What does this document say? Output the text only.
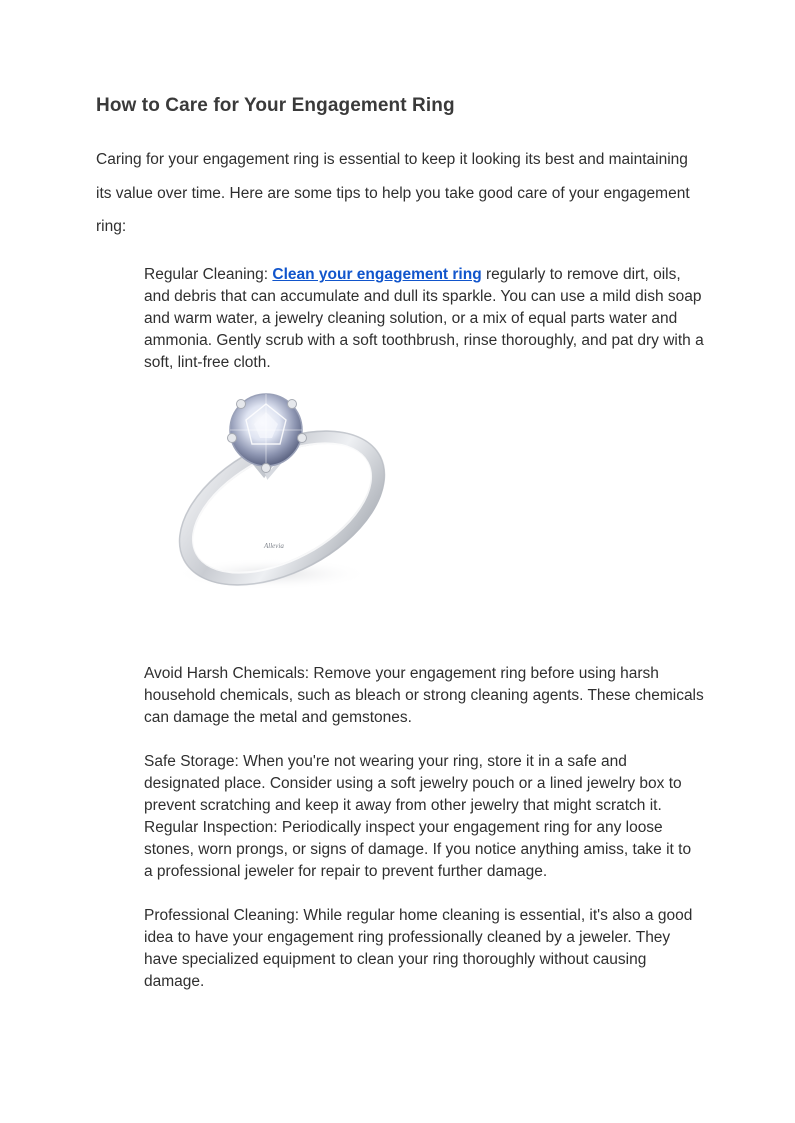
How to Care for Your Engagement Ring

Caring for your engagement ring is essential to keep it looking its best and maintaining its value over time. Here are some tips to help you take good care of your engagement ring:

Regular Cleaning: Clean your engagement ring regularly to remove dirt, oils, and debris that can accumulate and dull its sparkle. You can use a mild dish soap and warm water, a jewelry cleaning solution, or a mix of equal parts water and ammonia. Gently scrub with a soft toothbrush, rinse thoroughly, and pat dry with a soft, lint-free cloth.

Allevia

Avoid Harsh Chemicals: Remove your engagement ring before using harsh household chemicals, such as bleach or strong cleaning agents. These chemicals can damage the metal and gemstones.

Safe Storage: When you're not wearing your ring, store it in a safe and designated place. Consider using a soft jewelry pouch or a lined jewelry box to prevent scratching and keep it away from other jewelry that might scratch it. Regular Inspection: Periodically inspect your engagement ring for any loose stones, worn prongs, or signs of damage. If you notice anything amiss, take it to a professional jeweler for repair to prevent further damage.

Professional Cleaning: While regular home cleaning is essential, it's also a good idea to have your engagement ring professionally cleaned by a jeweler. They have specialized equipment to clean your ring thoroughly without causing damage.
